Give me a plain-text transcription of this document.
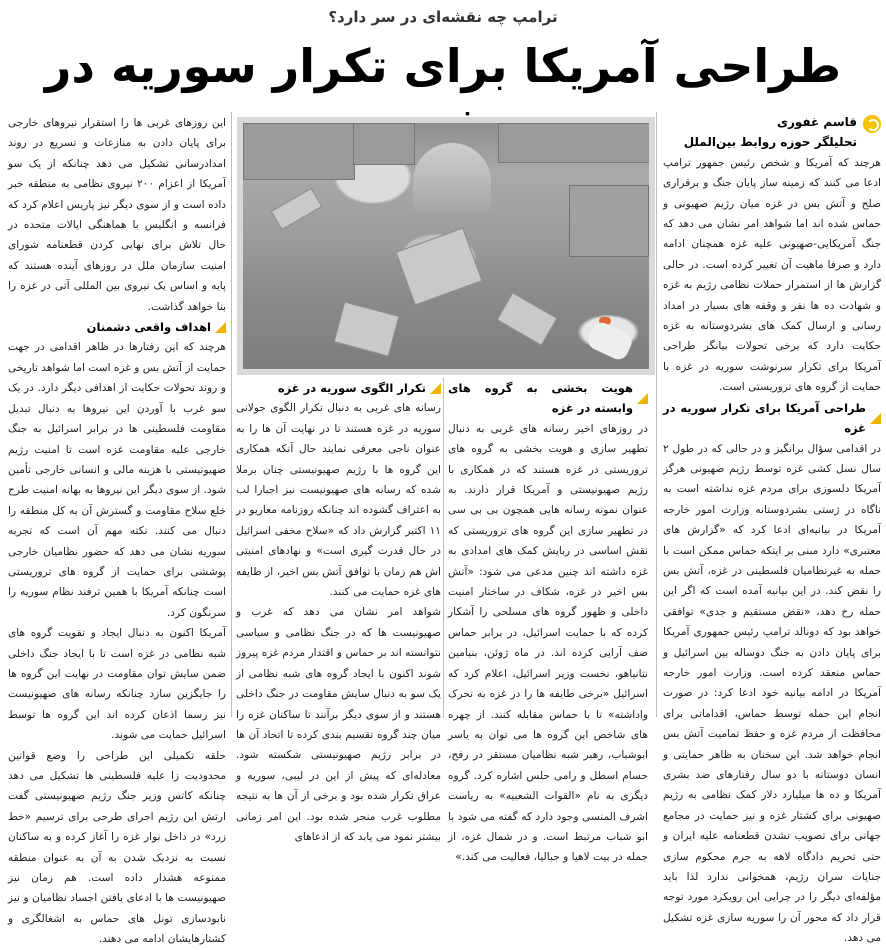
ترامپ چه نقشه‌ای در سر دارد؟
طراحی آمریکا برای تکرار سوریه در
قاسم غفوری
تحلیلگر حوزه روابط بین‌الملل

هرچند که آمریکا و شخص رئیس جمهور ترامپ ادعا می کنند که زمینه ساز پایان جنگ و برقراری صلح و آتش بس در غزه میان رژیم صهیونی و حماس شده اند اما شواهد امر نشان می دهد که جنگ آمریکایی-صهیونی علیه غزه همچنان ادامه دارد و صرفا ماهیت آن تغییر کرده است. در حالی گزارش ها از استمرار حملات نظامی رژیم به غزه و شهادت ده ها نفر و وقفه های بسیار در امداد رسانی و ارسال کمک های بشردوستانه به غزه حکایت دارد که برخی تحولات بیانگر طراحی آمریکا برای تکرار سرنوشت سوریه در غزه با حمایت از گروه های تروریستی است.

طراحی آمریکا برای تکرار سوریه در غزه

در اقدامی سؤال برانگیز و در حالی که در طول ۲ سال نسل کشی غزه توسط رژیم صهیونی هرگز آمریکا دلسوزی برای مردم غزه نداشته است به ناگاه در ژستی بشردوستانه وزارت امور خارجه آمریکا در بیانیه‌ای ادعا کرد که «گزارش های معتبری» دارد مبنی بر اینکه حماس ممکن است با حمله به غیرنظامیان فلسطینی در غزه، آتش بس را نقض کند. در این بیانیه آمده است که اگر این حمله رخ دهد، «نقض مستقیم و جدی» توافقی خواهد بود که دونالد ترامپ رئیس جمهوری آمریکا برای پایان دادن به جنگ دوساله بین اسرائیل و حماس منعقد کرده است. وزارت امور خارجه آمریکا در ادامه بیانیه خود ادعا کرد: در صورت انجام این حمله توسط حماس، اقداماتی برای محافظت از مردم غزه و حفظ تمامیت آتش بس انجام خواهد شد. این سخنان به ظاهر حمایتی و انسان دوستانه با دو سال رفتارهای ضد بشری آمریکا و ده ها میلیارد دلار کمک نظامی به رژیم صهیونی برای کشتار غزه و نیز حمایت در مجامع جهانی برای تصویب نشدن قطعنامه علیه ایران و حتی تحریم دادگاه لاهه به جرم محکوم سازی جنایات سران رژیم، همخوانی ندارد لذا باید مؤلفه‌ای دیگر را در چرایی این رویکرد مورد توجه قرار داد که محور آن را سوریه سازی غزه تشکیل می دهد.

هویت بخشی به گروه های وابسته در غزه

در روزهای اخیر رسانه های غربی به دنبال تطهیر سازی و هویت بخشی به گروه های تروریستی در غزه هستند که در همکاری با رژیم صهیونیستی و آمریکا قرار دارند. به عنوان نمونه رسانه هایی همچون بی بی سی در تطهیر سازی این گروه های تروریستی که نقش اساسی در ربایش کمک های امدادی به غزه داشته اند چنین مدعی می شود: «آتش بس اخیر در غزه، شکاف در ساختار امنیت داخلی و ظهور گروه های مسلحی را آشکار کرده که با حمایت اسرائیل، در برابر حماس صف آرایی کرده اند. در ماه ژوئن، بنیامین نتانیاهو، نخست وزیر اسرائیل، اعلام کرد که اسرائیل «برخی طایفه ها را در غزه به تحرک واداشته» تا با حماس مقابله کنند. از چهره های شاخص این گروه ها می توان به یاسر ابوشباب، رهبر شبه نظامیان مستقر در رفح، حسام اسطل و رامی حلس اشاره کرد. گروه دیگری به نام «القوات الشعبیه» به ریاست اشرف المنسی وجود دارد که گفته می شود با ابو شباب مرتبط است. و در شمال غزه، از جمله در بیت لاهیا و جبالیا، فعالیت می کند.»

تکرار الگوی سوریه در غزه

رسانه های غربی به دنبال تکرار الگوی جولانی سوریه در غزه هستند تا در نهایت آن ها را به عنوان ناجی معرفی نمایند حال آنکه همکاری این گروه ها با رژیم صهیونیستی چنان برملا شده که رسانه های صهیونیست نیز اجبارا لب به اعتراف گشوده اند چنانکه روزنامه معاریو در ۱۱ اکتبر گزارش داد که «سلاح مخفی اسرائیل در حال قدرت گیری است» و نهادهای امنیتی اش هم زمان با توافق آتش بس اخیر، از طایفه های غزه حمایت می کنند.

شواهد امر نشان می دهد که غرب و صهیونیست ها که در جنگ نظامی و سیاسی نتوانسته اند بر حماس و اقتدار مردم غزه پیروز شوند اکنون با ایجاد گروه های شبه نظامی از یک سو به دنبال سایش مقاومت در جنگ داخلی هستند و از سوی دیگر برآنند تا ساکنان غزه را میان چند گروه تقسیم بندی کرده تا اتحاد آن ها در برابر رژیم صهیونیستی شکسته شود. معادله‌ای که پیش از این در لیبی، سوریه و عراق تکرار شده بود و برخی از آن ها به نتیجه مطلوب غرب منجر شده بود. این امر زمانی بیشتر نمود می یابد که از ادعاهای

این روزهای غربی ها را استقرار نیروهای خارجی برای پایان دادن به منازعات و تسریع در روند امدادرسانی تشکیل می دهد چنانکه از یک سو آمریکا از اعزام ۲۰۰ نیروی نظامی به منطقه خبر داده است و از سوی دیگر نیز پاریس اعلام کرد که فرانسه و انگلیس با هماهنگی ایالات متحده در حال تلاش برای نهایی کردن قطعنامه شورای امنیت سازمان ملل در روزهای آینده هستند که پایه و اساس یک نیروی بین المللی آتی در غزه را بنا خواهد گذاشت.

اهداف واقعی دشمنان

هرچند که این رفتارها در ظاهر اقدامی در جهت حمایت از آتش بس و غزه است اما شواهد تاریخی و روند تحولات حکایت از اهدافی دیگر دارد. در یک سو غرب با آوردن این نیروها به دنبال تبدیل مقاومت فلسطینی ها در برابر اسرائیل به جنگ خارجی علیه مقاومت غزه است تا امنیت رژیم صهیونیستی با هزینه مالی و انسانی خارجی تأمین شود. از سوی دیگر این نیروها به بهانه امنیت طرح خلع سلاح مقاومت و گسترش آن به کل منطقه را دنبال می کنند. نکته مهم آن است که تجربه سوریه نشان می دهد که حضور نظامیان خارجی پوششی برای حمایت از گروه های تروریستی است چنانکه آمریکا با همین ترفند نظام سوریه را سرنگون کرد.

آمریکا اکنون به دنبال ایجاد و تقویت گروه های شبه نظامی در غزه است تا با ایجاد جنگ داخلی ضمن سایش توان مقاومت در نهایت این گروه ها را جایگزین سازد چنانکه رسانه های صهیونیست نیز رسما اذعان کرده اند این گروه ها توسط اسرائیل حمایت می شوند.

حلقه تکمیلی این طراحی را وضع قوانین محدودیت زا علیه فلسطینی ها تشکیل می دهد چنانکه کاتس وزیر جنگ رژیم صهیونیستی گفت ارتش این رژیم اجرای طرحی برای ترسیم «خط زرد» در داخل نوار غزه را آغاز کرده و به ساکنان نسبت به نزدیک شدن به آن به عنوان منطقه ممنوعه هشدار داده است. هم زمان نیز صهیونیست ها با ادعای یافتن اجساد نظامیان و نیز نابودسازی تونل های حماس به اشغالگری و کشتارهایشان ادامه می دهند.
